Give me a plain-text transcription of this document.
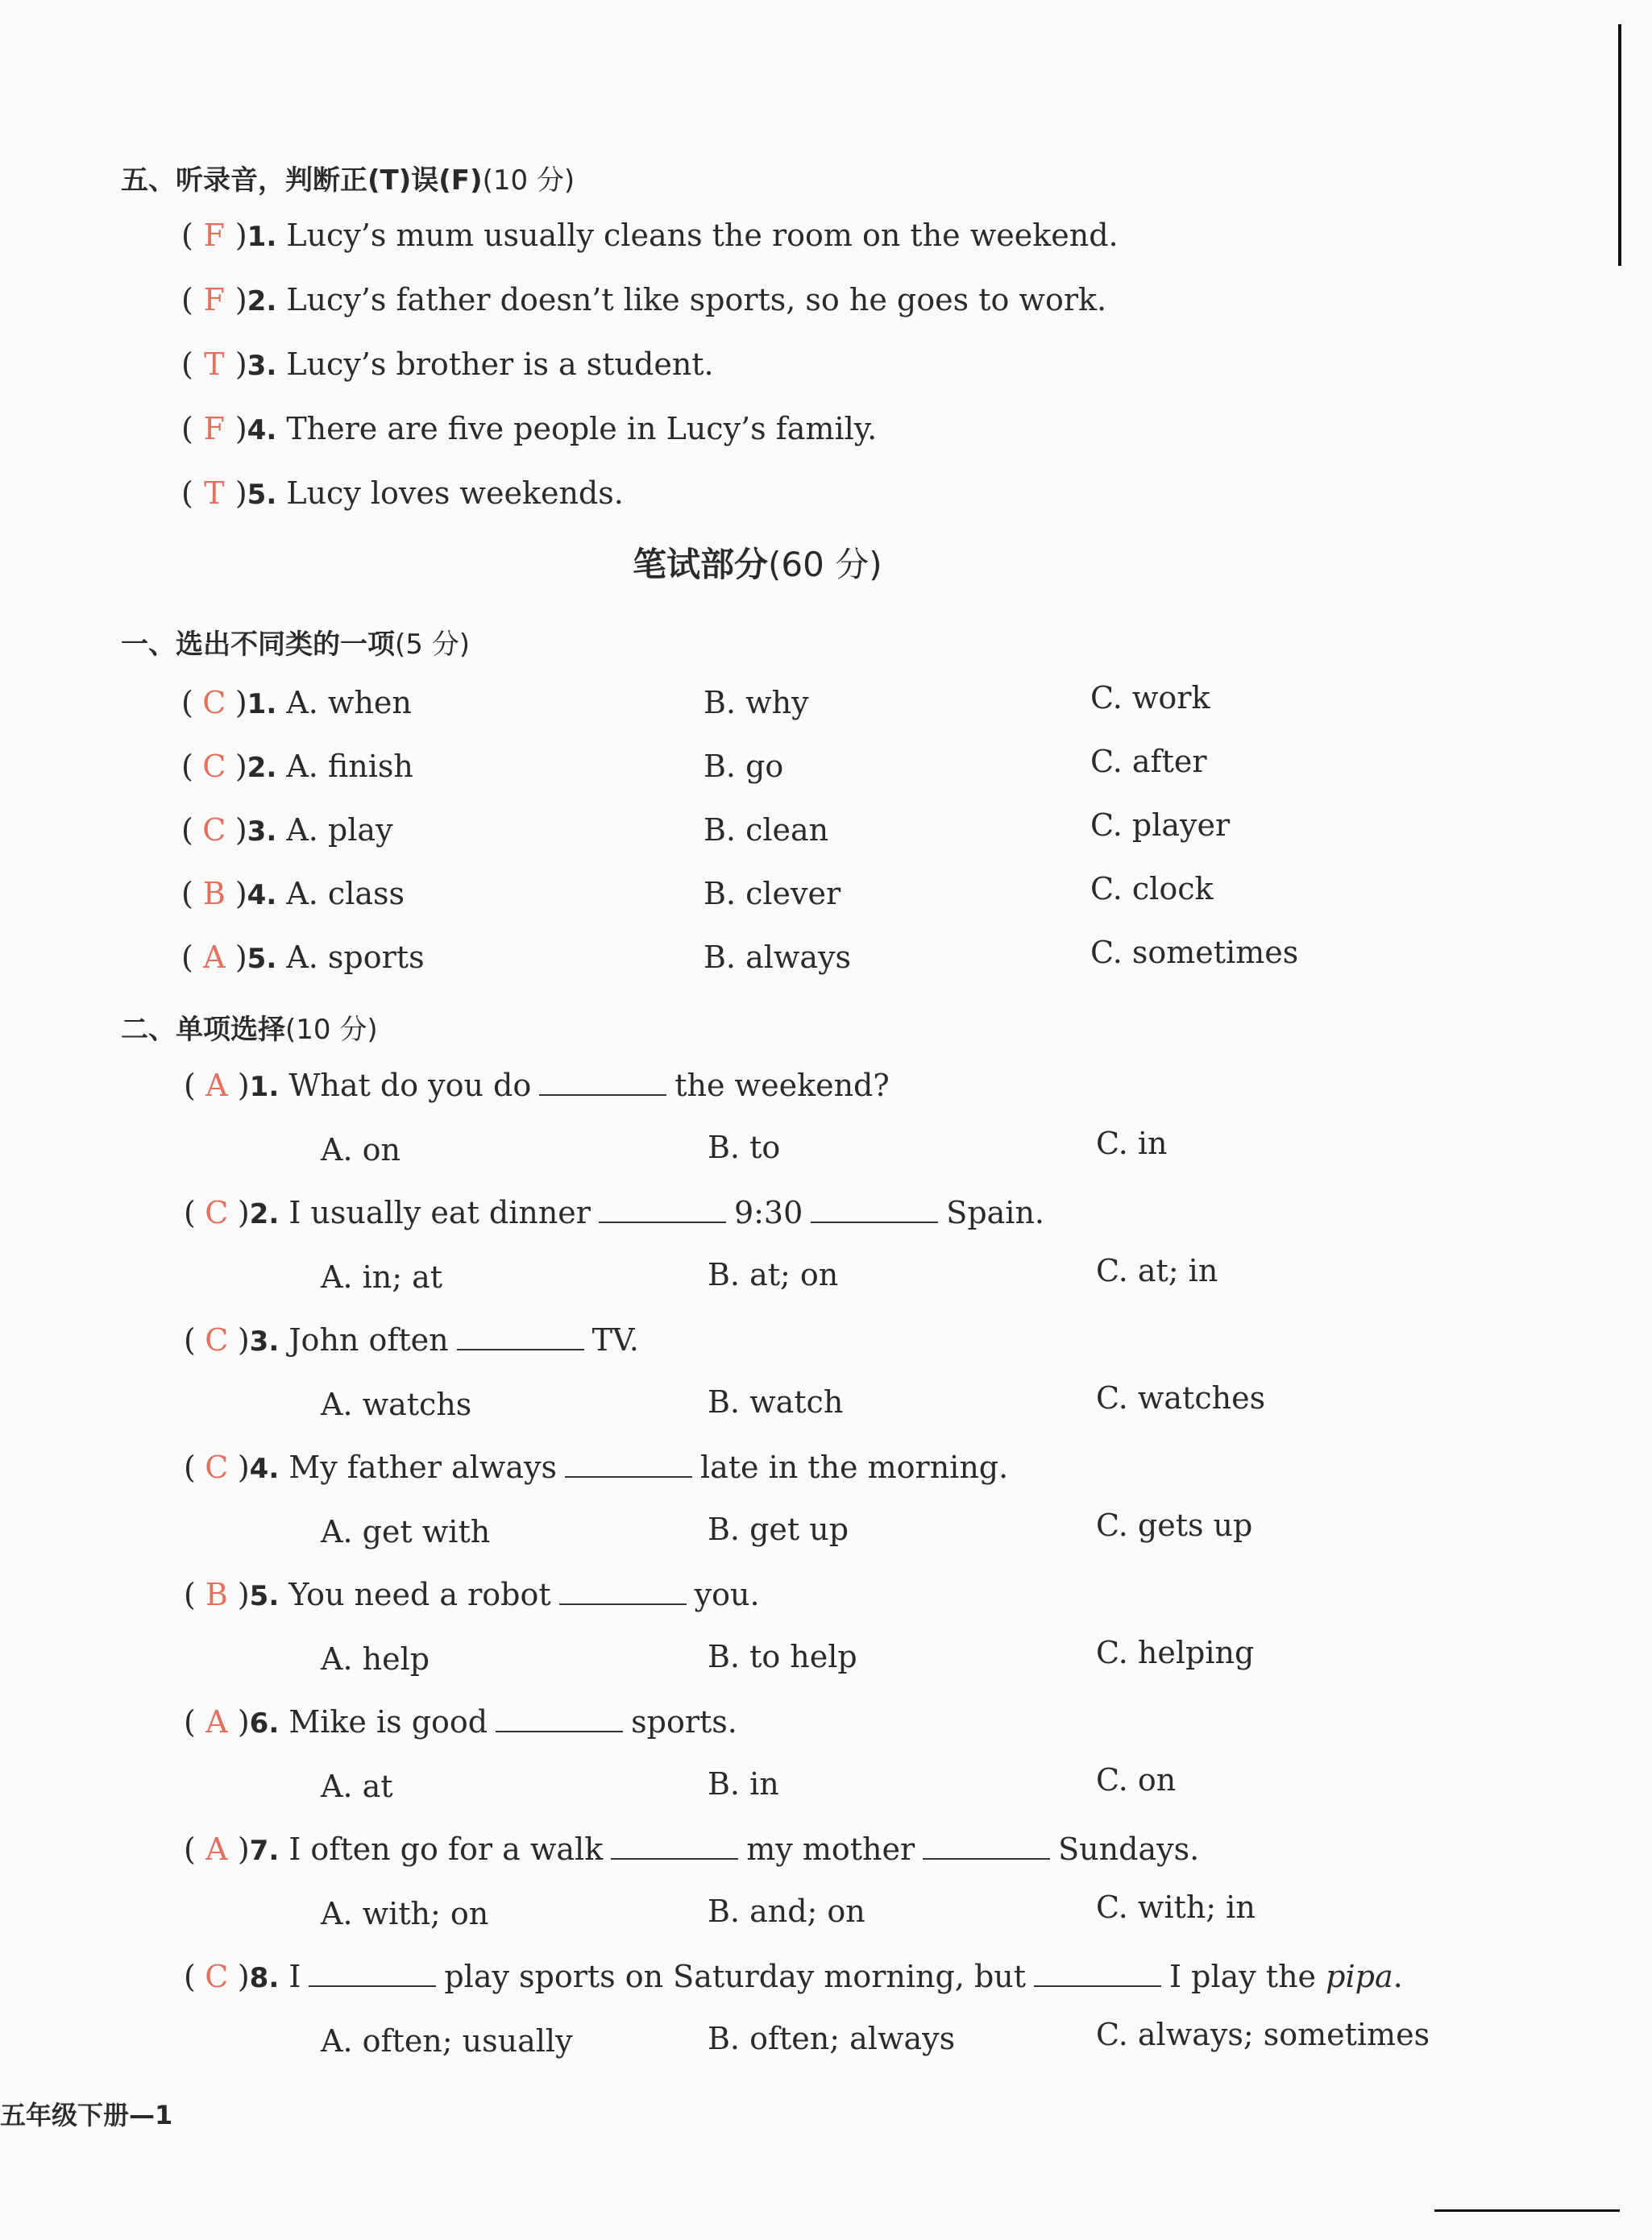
五、听录音，判断正(T)误(F)(10 分)
( F )1. Lucy’s mum usually cleans the room on the weekend.
( F )2. Lucy’s father doesn’t like sports, so he goes to work.
( T )3. Lucy’s brother is a student.
( F )4. There are five people in Lucy’s family.
( T )5. Lucy loves weekends.
笔试部分(60 分)
一、选出不同类的一项(5 分)
( C )1. A. when	B. why	C. work
( C )2. A. finish	B. go	C. after
( C )3. A. play	B. clean	C. player
( B )4. A. class	B. clever	C. clock
( A )5. A. sports	B. always	C. sometimes
二、单项选择(10 分)
( A )1. What do you do	the weekend?
A. on	B. to	C. in
( C )2. I usually eat dinner	9:30	Spain.
A. in; at	B. at; on	C. at; in
( C )3. John often	TV.
A. watchs	B. watch	C. watches
( C )4. My father always	late in the morning.
A. get with	B. get up	C. gets up
( B )5. You need a robot	you.
A. help	B. to help	C. helping
( A )6. Mike is good	sports.
A. at	B. in	C. on
( A )7. I often go for a walk	my mother	Sundays.
A. with; on	B. and; on	C. with; in
( C )8. I	play sports on Saturday morning, but	I play the pipa.
A. often; usually	B. often; always	C. always; sometimes
五年级下册—1
